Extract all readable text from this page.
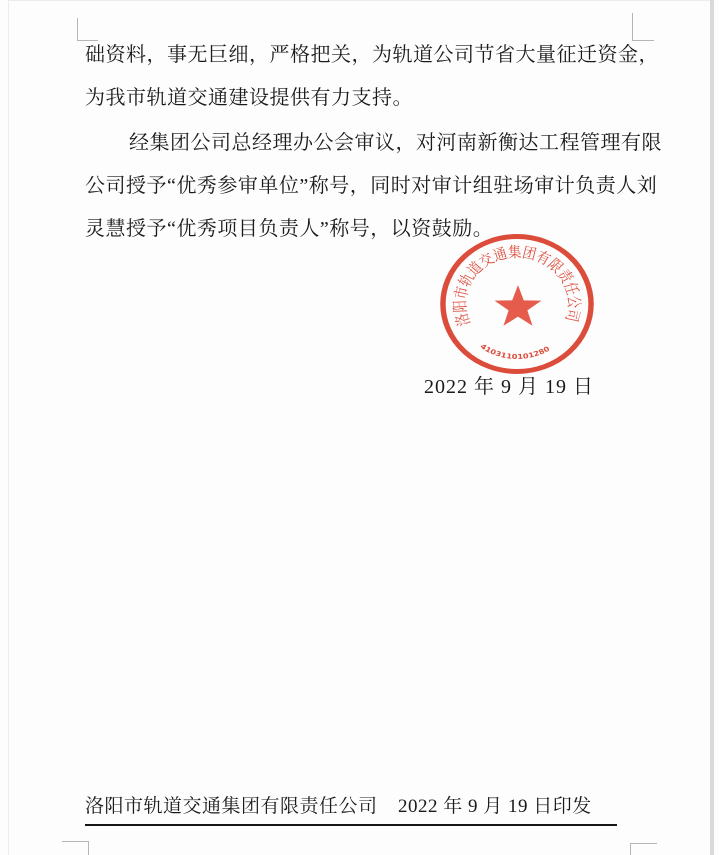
础资料，事无巨细，严格把关，为轨道公司节省大量征迁资金，
为我市轨道交通建设提供有力支持。
经集团公司总经理办公会审议，对河南新衡达工程管理有限
公司授予“优秀参审单位”称号，同时对审计组驻场审计负责人刘
灵慧授予“优秀项目负责人”称号，以资鼓励。
2022 年 9 月 19 日
洛阳市轨道交通集团有限责任公司
4103110101280
洛阳市轨道交通集团有限责任公司 2022 年 9 月 19 日印发
